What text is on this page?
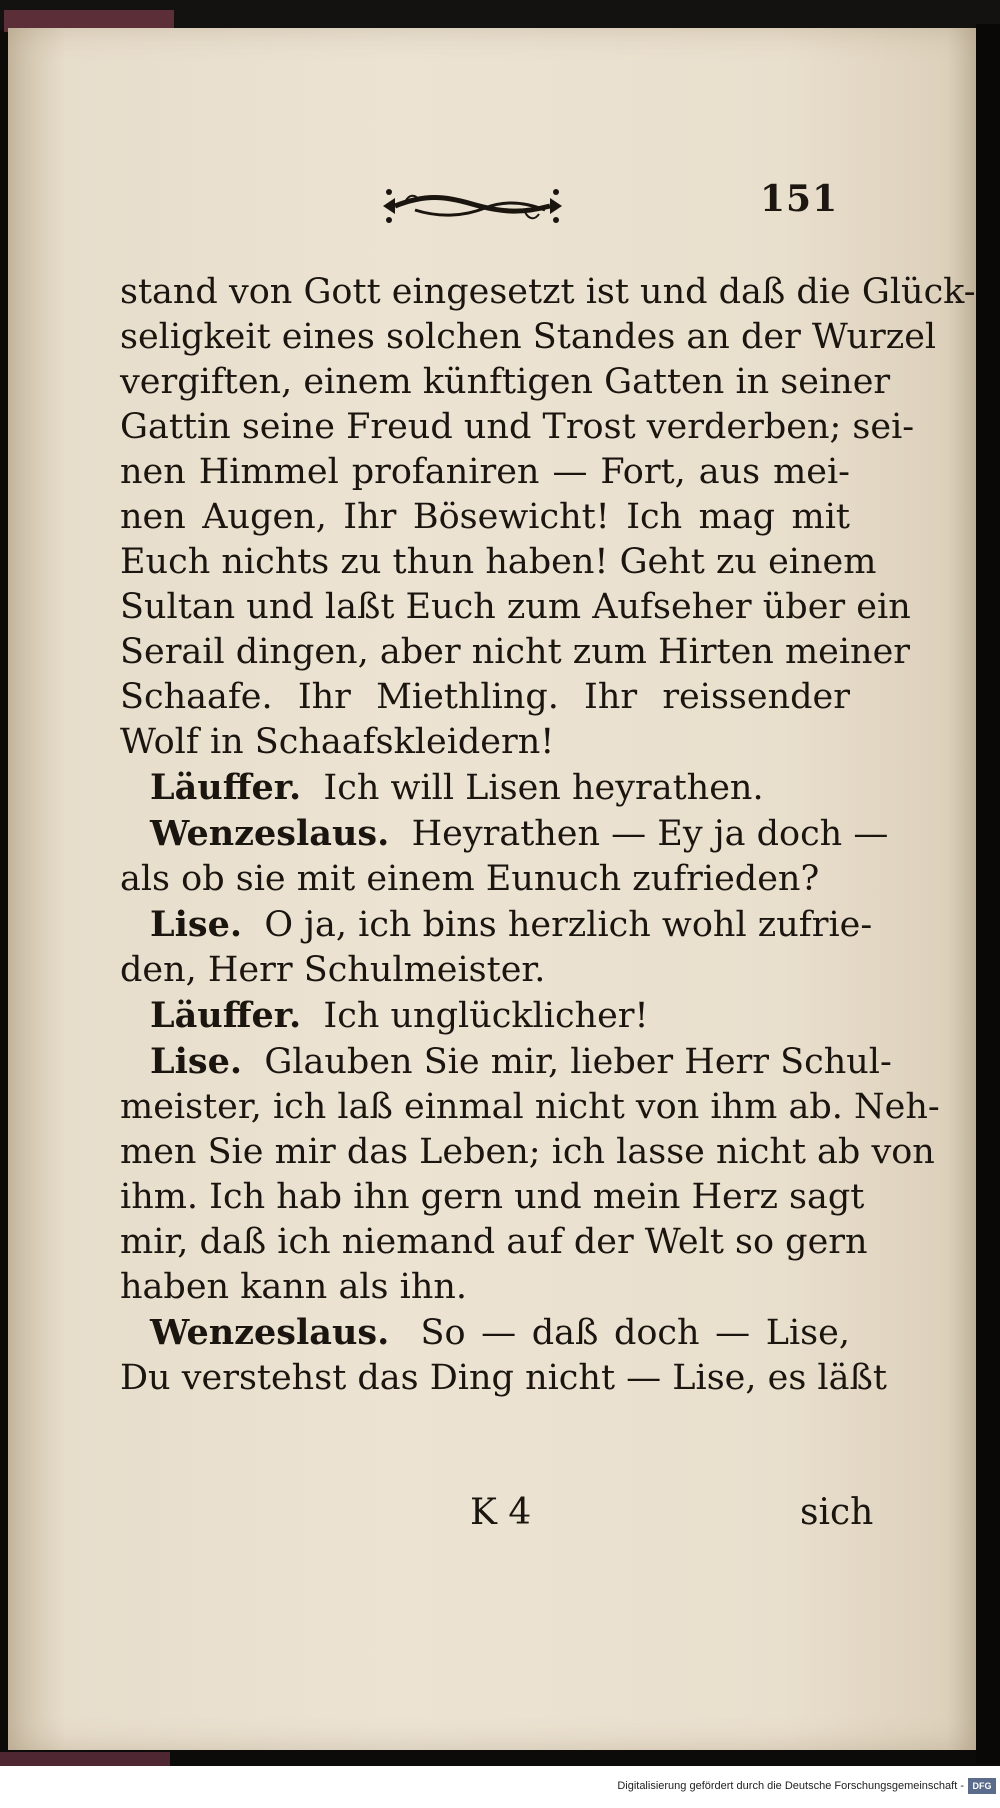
151
stand von Gott eingesetzt ist und daß die Glück-
seligkeit eines solchen Standes an der Wurzel
vergiften, einem künftigen Gatten in seiner
Gattin seine Freud und Trost verderben; sei-
nen Himmel profaniren — Fort, aus mei-
nen Augen, Ihr Bösewicht! Ich mag mit
Euch nichts zu thun haben! Geht zu einem
Sultan und laßt Euch zum Aufseher über ein
Serail dingen, aber nicht zum Hirten meiner
Schaafe. Ihr Miethling. Ihr reissender
Wolf in Schaafskleidern!
Läuffer. Ich will Lisen heyrathen.
Wenzeslaus. Heyrathen — Ey ja doch —
als ob sie mit einem Eunuch zufrieden?
Lise. O ja, ich bins herzlich wohl zufrie-
den, Herr Schulmeister.
Läuffer. Ich unglücklicher!
Lise. Glauben Sie mir, lieber Herr Schul-
meister, ich laß einmal nicht von ihm ab. Neh-
men Sie mir das Leben; ich lasse nicht ab von
ihm. Ich hab ihn gern und mein Herz sagt
mir, daß ich niemand auf der Welt so gern
haben kann als ihn.
Wenzeslaus. So — daß doch — Lise,
Du verstehst das Ding nicht — Lise, es läßt
K 4	sich
Digitalisierung gefördert durch die Deutsche Forschungsgemeinschaft - DFG
